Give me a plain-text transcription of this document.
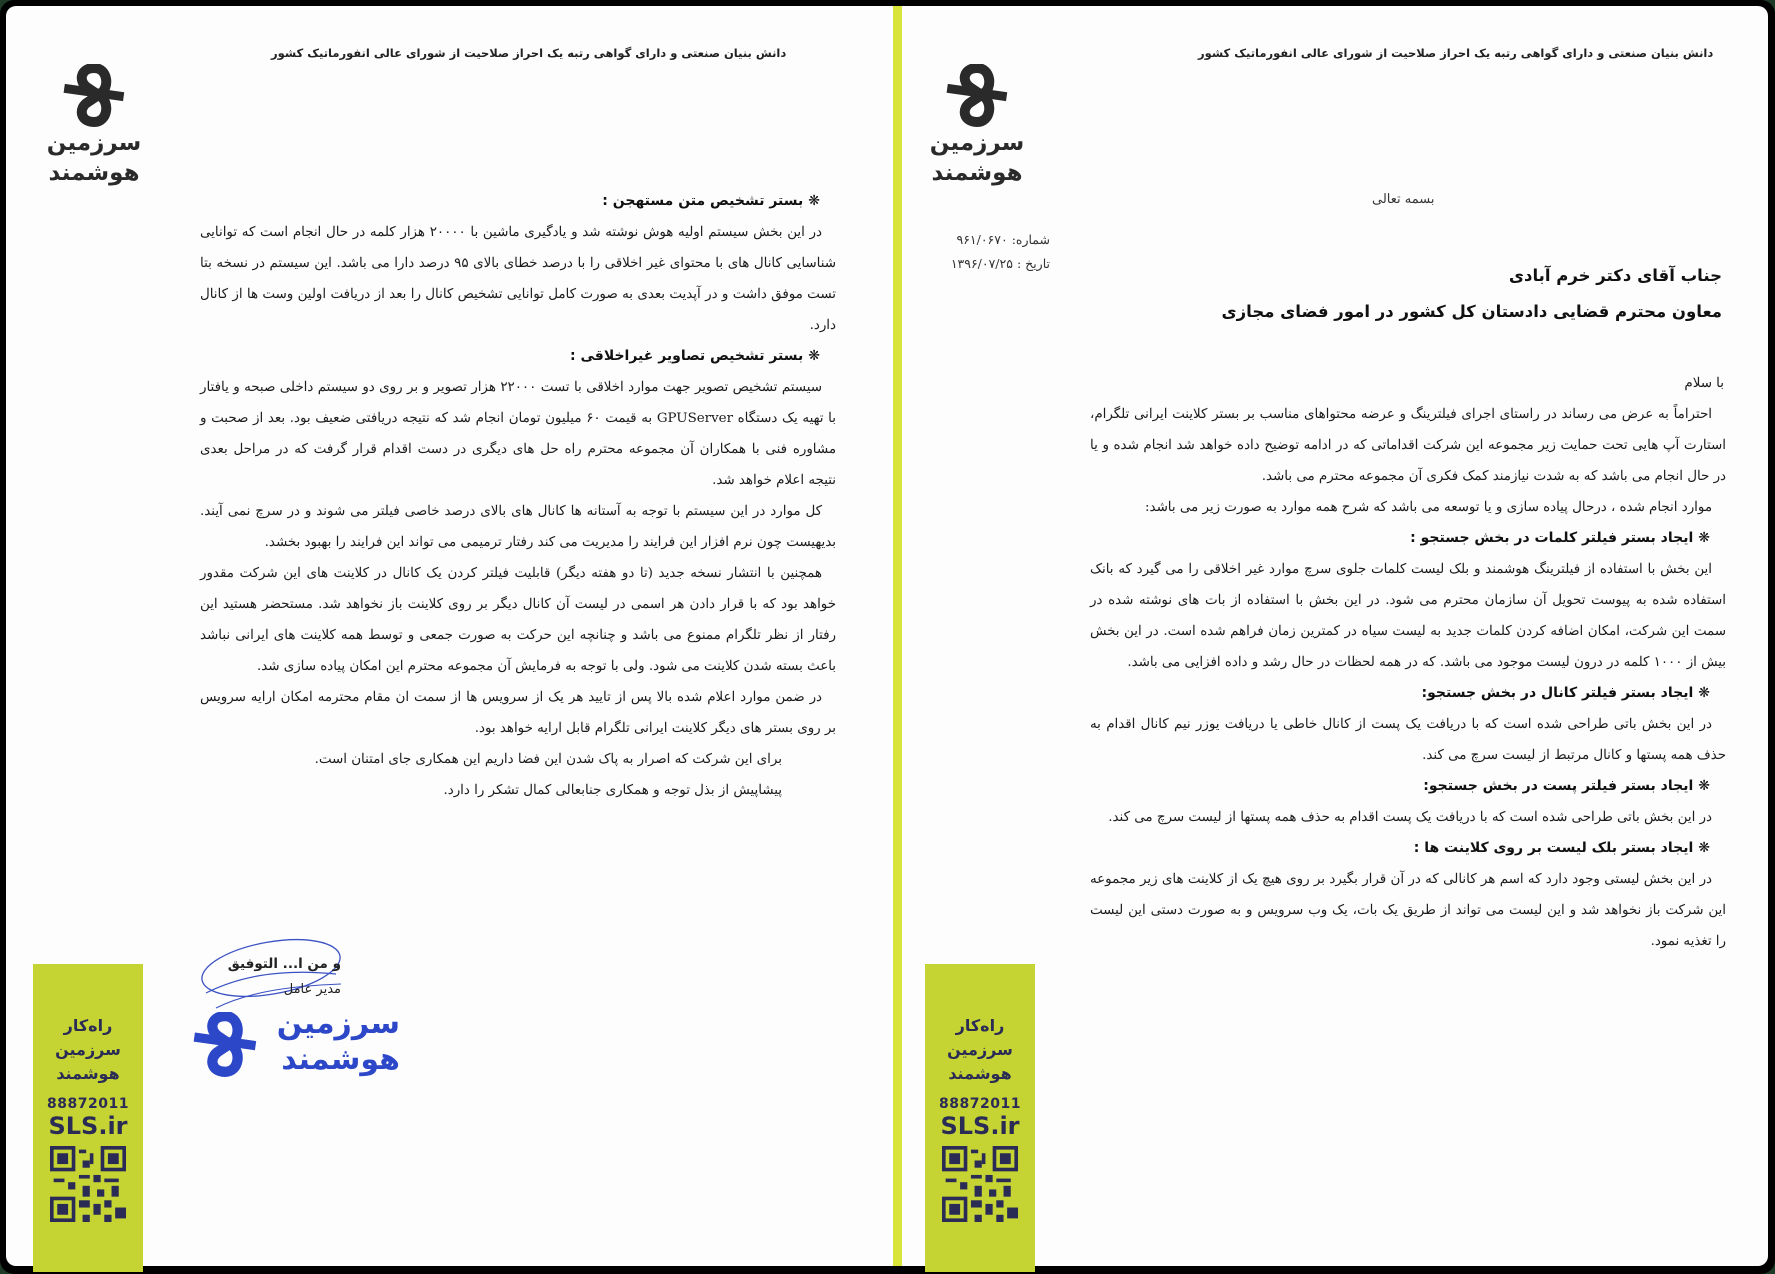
دانش بنیان صنعتی و دارای گواهی رتبه یک احراز صلاحیت از شورای عالی انفورماتیک کشور
سرزمین
هوشمند
❋بستر تشخیص متن مستهجن :

در این بخش سیستم اولیه هوش نوشته شد و یادگیری ماشین با ۲۰۰۰۰ هزار کلمه در حال انجام است که توانایی شناسایی کانال های با محتوای غیر اخلاقی را با درصد خطای بالای ۹۵ درصد دارا می باشد. این سیستم در نسخه بتا تست موفق داشت و در آپدیت بعدی به صورت کامل توانایی تشخیص کانال را بعد از دریافت اولین وست ها از کانال دارد.

❋بستر تشخیص تصاویر غیراخلاقی :

سیستم تشخیص تصویر جهت موارد اخلاقی با تست ۲۲۰۰۰ هزار تصویر و بر روی دو سیستم داخلی صبحه و یافتار با تهیه یک دستگاه GPUServer به قیمت ۶۰ میلیون تومان انجام شد که نتیجه دریافتی ضعیف بود. بعد از صحبت و مشاوره فنی با همکاران آن مجموعه محترم راه حل های دیگری در دست اقدام قرار گرفت که در مراحل بعدی نتیجه اعلام خواهد شد.

کل موارد در این سیستم با توجه به آستانه ها کانال های بالای درصد خاصی فیلتر می شوند و در سرچ نمی آیند. بدیهیست چون نرم افزار این فرایند را مدیریت می کند رفتار ترمیمی می تواند این فرایند را بهبود بخشد.

همچنین با انتشار نسخه جدید (تا دو هفته دیگر) قابلیت فیلتر کردن یک کانال در کلاینت های این شرکت مقدور خواهد بود که با قرار دادن هر اسمی در لیست آن کانال دیگر بر روی کلاینت باز نخواهد شد. مستحضر هستید این رفتار از نظر تلگرام ممنوع می باشد و چنانچه این حرکت به صورت جمعی و توسط همه کلاینت های ایرانی نباشد باعث بسته شدن کلاینت می شود. ولی با توجه به فرمایش آن مجموعه محترم این امکان پیاده سازی شد.

در ضمن موارد اعلام شده بالا پس از تایید هر یک از سرویس ها از سمت ان مقام محترمه امکان ارایه سرویس بر روی بستر های دیگر کلاینت ایرانی تلگرام قابل ارایه خواهد بود.

برای این شرکت که اصرار به پاک شدن این فضا داریم این همکاری جای امتنان است.

پیشاپیش از بذل توجه و همکاری جنابعالی کمال تشکر را دارد.

و من ا... التوفیق
مدیر عامل
سرزمین
هوشمند
راه‌کار
سرزمین
هوشمند
88872011
SLS.ir
دانش بنیان صنعتی و دارای گواهی رتبه یک احراز صلاحیت از شورای عالی انفورماتیک کشور
سرزمین
هوشمند
شماره: ۹۶۱/۰۶۷۰
تاریخ : ۱۳۹۶/۰۷/۲۵
بسمه تعالی
جناب آقای دکتر خرم آبادی
معاون محترم قضایی دادستان کل کشور در امور فضای مجازی

با سلام

احتراماً به عرض می رساند در راستای اجرای فیلترینگ و عرضه محتواهای مناسب بر بستر کلاینت ایرانی تلگرام، استارت آپ هایی تحت حمایت زیر مجموعه این شرکت اقداماتی که در ادامه توضیح داده خواهد شد انجام شده و یا در حال انجام می باشد که به شدت نیازمند کمک فکری آن مجموعه محترم می باشد.

موارد انجام شده ، درحال پیاده سازی و یا توسعه می باشد که شرح همه موارد به صورت زیر می باشد:

❋ایجاد بستر فیلتر کلمات در بخش جستجو :

این بخش با استفاده از فیلترینگ هوشمند و بلک لیست کلمات جلوی سرچ موارد غیر اخلاقی را می گیرد که بانک استفاده شده به پیوست تحویل آن سازمان محترم می شود. در این بخش با استفاده از بات های نوشته شده در سمت این شرکت، امکان اضافه کردن کلمات جدید به لیست سیاه در کمترین زمان فراهم شده است. در این بخش بیش از ۱۰۰۰ کلمه در درون لیست موجود می باشد. که در همه لحظات در حال رشد و داده افزایی می باشد.

❋ایجاد بستر فیلتر کانال در بخش جستجو:

در این بخش باتی طراحی شده است که با دریافت یک پست از کانال خاطی یا دریافت یوزر نیم کانال اقدام به حذف همه پستها و کانال مرتبط از لیست سرچ می کند.

❋ایجاد بستر فیلتر پست در بخش جستجو:

در این بخش باتی طراحی شده است که با دریافت یک پست اقدام به حذف همه پستها از لیست سرچ می کند.

❋ایجاد بستر بلک لیست بر روی کلاینت ها :

در این بخش لیستی وجود دارد که اسم هر کانالی که در آن قرار بگیرد بر روی هیچ یک از کلاینت های زیر مجموعه این شرکت باز نخواهد شد و این لیست می تواند از طریق یک بات، یک وب سرویس و به صورت دستی این لیست را تغذیه نمود.

راه‌کار
سرزمین
هوشمند
88872011
SLS.ir
